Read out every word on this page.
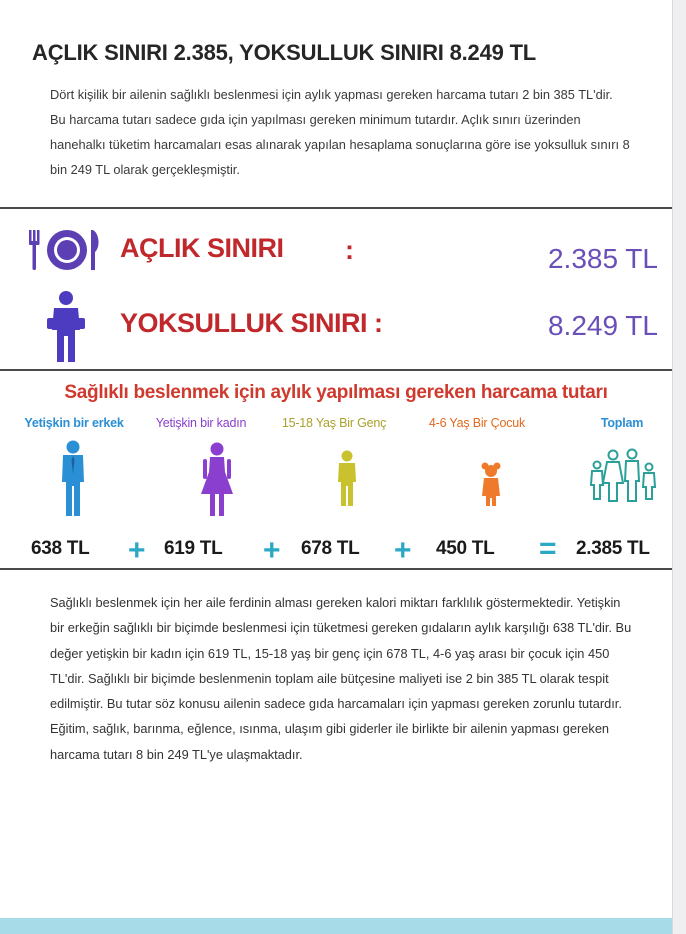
AÇLIK SINIRI 2.385, YOKSULLUK SINIRI 8.249 TL

Dört kişilik bir ailenin sağlıklı beslenmesi için aylık yapması gereken harcama tutarı 2 bin 385 TL'dir. Bu harcama tutarı sadece gıda için yapılması gereken minimum tutardır. Açlık sınırı üzerinden hanehalkı tüketim harcamaları esas alınarak yapılan hesaplama sonuçlarına göre ise yoksulluk sınırı 8 bin 249 TL olarak gerçekleşmiştir.

AÇLIK SINIRI :	2.385 TL
YOKSULLUK SINIRI :	8.249 TL
Sağlıklı beslenmek için aylık yapılması gereken harcama tutarı
Yetişkin bir erkek	Yetişkin bir kadın	15-18 Yaş Bir Genç	4-6 Yaş Bir Çocuk	Toplam
638 TL + 619 TL + 678 TL + 450 TL = 2.385 TL

Sağlıklı beslenmek için her aile ferdinin alması gereken kalori miktarı farklılık göstermektedir. Yetişkin bir erkeğin sağlıklı bir biçimde beslenmesi için tüketmesi gereken gıdaların aylık karşılığı 638 TL'dir. Bu değer yetişkin bir kadın için 619 TL, 15-18 yaş bir genç için 678 TL, 4-6 yaş arası bir çocuk için 450 TL'dir. Sağlıklı bir biçimde beslenmenin toplam aile bütçesine maliyeti ise 2 bin 385 TL olarak tespit edilmiştir. Bu tutar söz konusu ailenin sadece gıda harcamaları için yapması gereken zorunlu tutardır. Eğitim, sağlık, barınma, eğlence, ısınma, ulaşım gibi giderler ile birlikte bir ailenin yapması gereken harcama tutarı 8 bin 249 TL'ye ulaşmaktadır.
